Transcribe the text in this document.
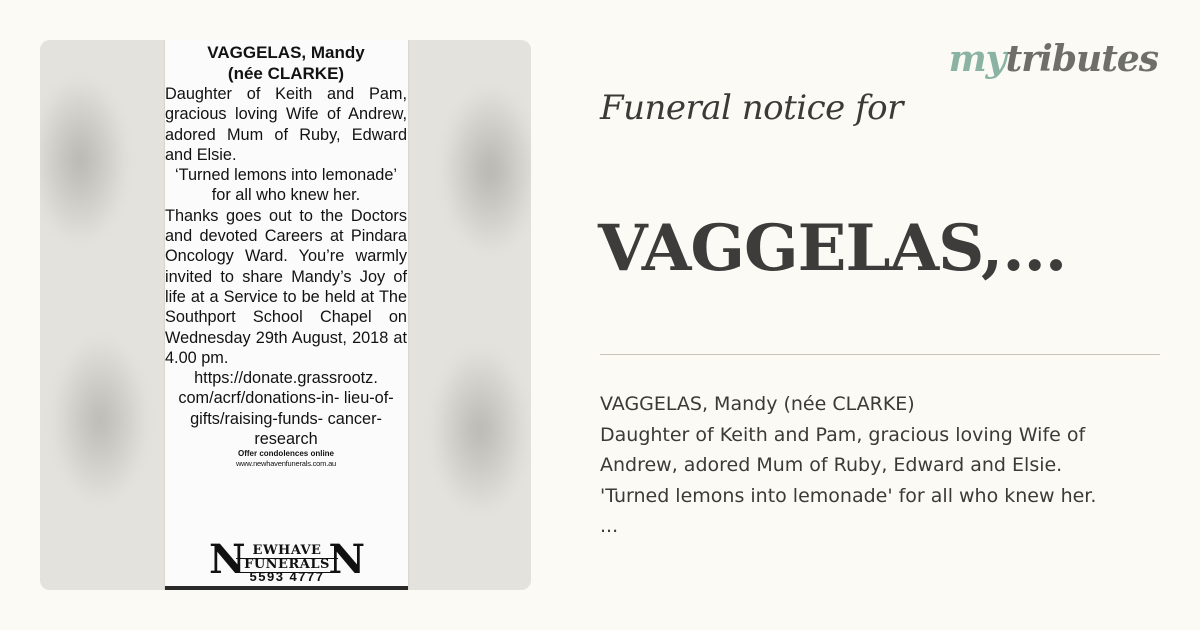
VAGGELAS, Mandy
(née CLARKE)
Daughter of Keith and Pam, gracious loving Wife of Andrew, adored Mum of Ruby, Edward and Elsie.
‘Turned lemons into lemonade’ for all who knew her.
Thanks goes out to the Doctors and devoted Careers at Pindara Oncology Ward. You’re warmly invited to share Mandy’s Joy of life at a Service to be held at The Southport School Chapel on Wednesday 29th August, 2018 at 4.00 pm.
https://donate.grassrootz. com/acrf/donations-in- lieu-of-gifts/raising-funds- cancer-research
Offer condolences online
www.newhavenfunerals.com.au
N EWHAVE
FUNERALS
5593 4777 N
mytributes
Funeral notice for
VAGGELAS,...
VAGGELAS, Mandy (née CLARKE)
Daughter of Keith and Pam, gracious loving Wife of Andrew, adored Mum of Ruby, Edward and Elsie. 'Turned lemons into lemonade' for all who knew her.
...
